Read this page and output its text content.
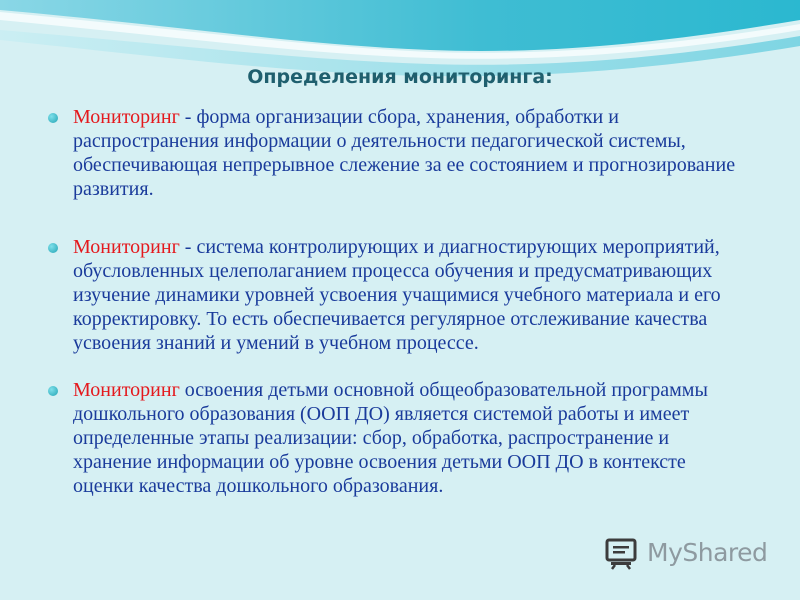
Определения мониторинга:
Мониторинг - форма организации сбора, хранения, обработки и распространения информации о деятельности педагогической системы, обеспечивающая непрерывное слежение за ее состоянием и прогнозирование развития.
Мониторинг - система контролирующих и диагностирующих мероприятий, обусловленных целеполаганием процесса обучения и предусматривающих изучение динамики уровней усвоения учащимися учебного материала и его корректировку. То есть обеспечивается регулярное отслеживание качества усвоения знаний и умений в учебном процессе.
Мониторинг освоения детьми основной общеобразовательной программы дошкольного образования (ООП ДО) является системой работы и имеет определенные этапы реализации: сбор, обработка, распространение и хранение информации об уровне освоения детьми ООП ДО в контексте оценки качества дошкольного образования.
MyShared
